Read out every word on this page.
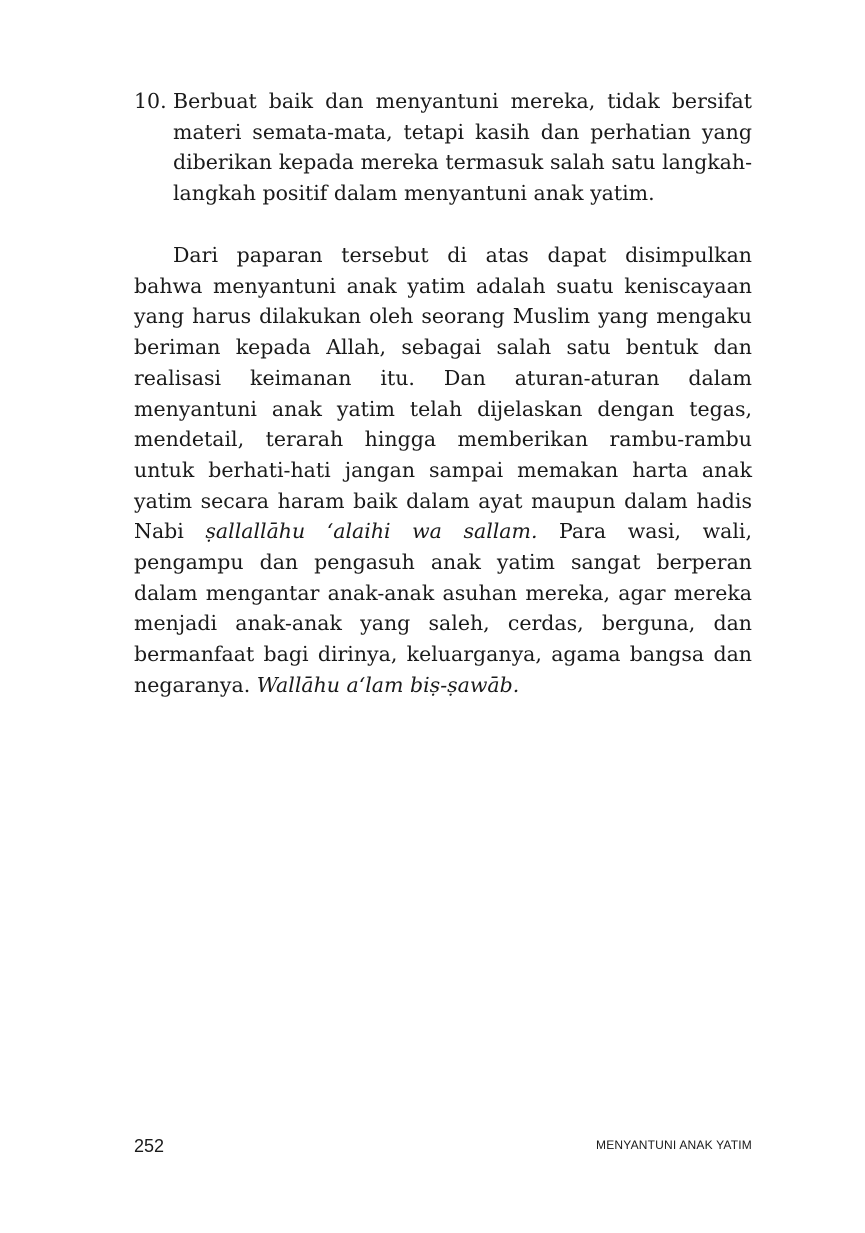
10. Berbuat baik dan menyantuni mereka, tidak bersifat materi semata-mata, tetapi kasih dan perhatian yang diberikan kepada mereka termasuk salah satu langkah- langkah positif dalam menyantuni anak yatim.

Dari paparan tersebut di atas dapat disimpulkan bahwa menyantuni anak yatim adalah suatu keniscayaan yang harus dilakukan oleh seorang Muslim yang mengaku beriman kepada Allah, sebagai salah satu bentuk dan realisasi keimanan itu. Dan aturan-aturan dalam menyantuni anak yatim telah dijelaskan dengan tegas, mendetail, terarah hingga memberikan rambu-rambu untuk berhati-hati jangan sampai memakan harta anak yatim secara haram baik dalam ayat maupun dalam hadis Nabi ṣallallāhu ‘alaihi wa sallam. Para wasi, wali, pengampu dan pengasuh anak yatim sangat berperan dalam mengantar anak-anak asuhan mereka, agar mereka menjadi anak-anak yang saleh, cerdas, berguna, dan bermanfaat bagi dirinya, keluarganya, agama bangsa dan negaranya. Wallāhu a‘lam biṣ-ṣawāb.

252	MENYANTUNI ANAK YATIM
